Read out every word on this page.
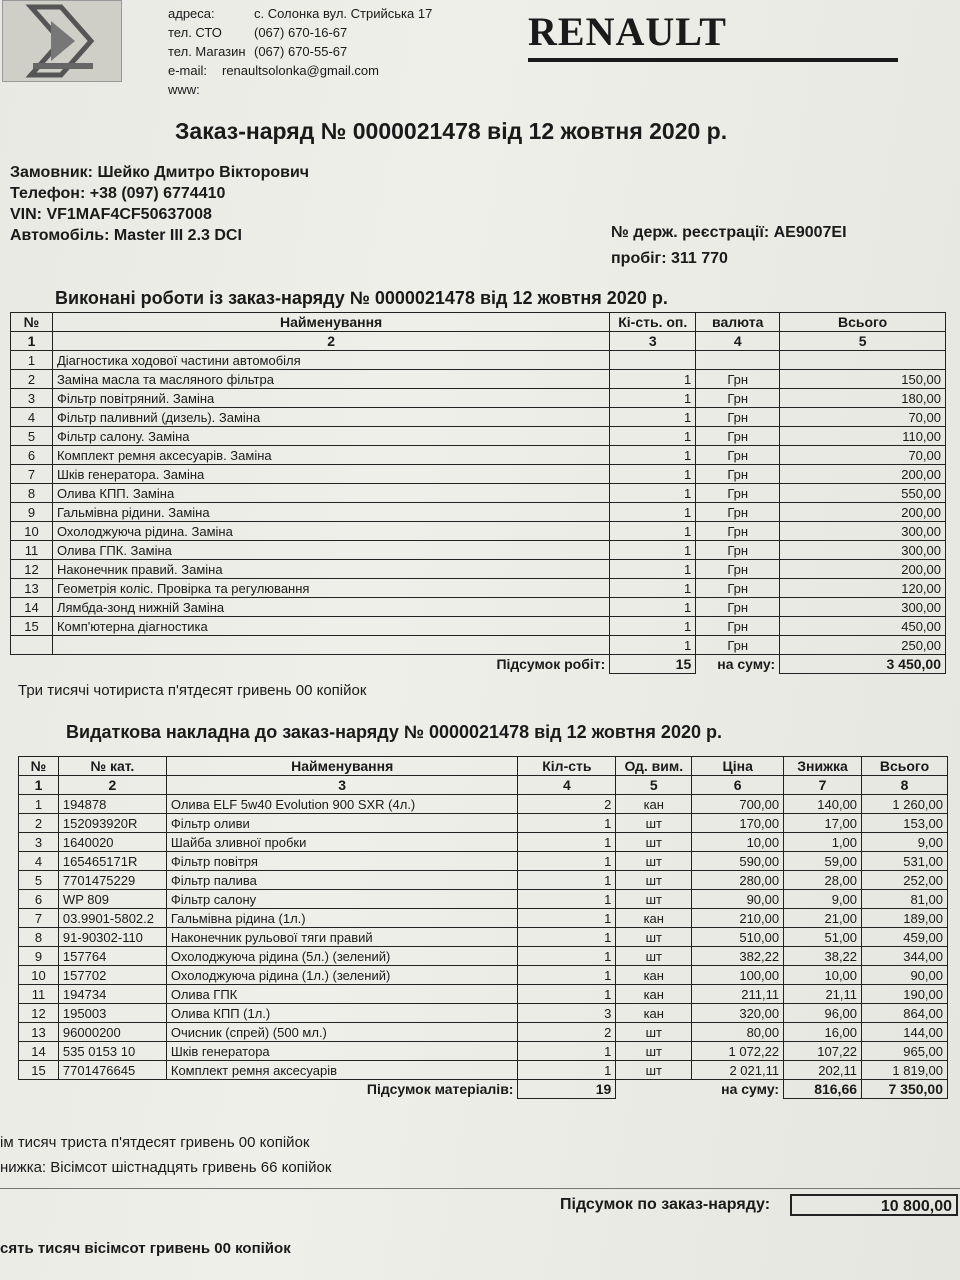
адреса:	с. Солонка вул. Стрийська 17
тел. СТО	(067) 670-16-67
тел. Магазин (067) 670-55-67
e-mail:	renaultsolonka@gmail.com
www:
RENAULT
Заказ-наряд № 0000021478 від 12 жовтня 2020 р.
Замовник: Шейко Дмитро Вікторович
Телефон: +38 (097) 6774410
VIN: VF1MAF4CF50637008
Автомобіль: Master III 2.3 DCI	№ держ. реєстрації: AE9007EI
пробіг: 311 770
Виконані роботи із заказ-наряду № 0000021478 від 12 жовтня 2020 р.
№	Найменування	Кі-сть. оп.	валюта	Всього
1	2	3	4	5
1	Діагностика ходової частини автомобіля			
2	Заміна масла та масляного фільтра	1	Грн	150,00
3	Фільтр повітряний. Заміна	1	Грн	180,00
4	Фільтр паливний (дизель). Заміна	1	Грн	70,00
5	Фільтр салону. Заміна	1	Грн	110,00
6	Комплект ремня аксесуарів. Заміна	1	Грн	70,00
7	Шків генератора. Заміна	1	Грн	200,00
8	Олива КПП. Заміна	1	Грн	550,00
9	Гальмівна рідини. Заміна	1	Грн	200,00
10	Охолоджуюча рідина. Заміна	1	Грн	300,00
11	Олива ГПК. Заміна	1	Грн	300,00
12	Наконечник правий. Заміна	1	Грн	200,00
13	Геометрія коліс. Провірка та регулювання	1	Грн	120,00
14	Лямбда-зонд нижній Заміна	1	Грн	300,00
15	Комп'ютерна діагностика	1	Грн	450,00
		1	Грн	250,00
	Підсумок робіт:	15	на суму:	3 450,00
Три тисячі чотириста п'ятдесят гривень 00 копійок
Видаткова накладна до заказ-наряду № 0000021478 від 12 жовтня 2020 р.
№	№ кат.	Найменування	Кіл-сть	Од. вим.	Ціна	Знижка	Всього
1	2	3	4	5	6	7	8
1	194878	Олива ELF 5w40 Evolution 900 SXR (4л.)	2	кан	700,00	140,00	1 260,00
2	152093920R	Фільтр оливи	1	шт	170,00	17,00	153,00
3	1640020	Шайба зливної пробки	1	шт	10,00	1,00	9,00
4	165465171R	Фільтр повітря	1	шт	590,00	59,00	531,00
5	7701475229	Фільтр палива	1	шт	280,00	28,00	252,00
6	WP 809	Фільтр салону	1	шт	90,00	9,00	81,00
7	03.9901-5802.2	Гальмівна рідина (1л.)	1	кан	210,00	21,00	189,00
8	91-90302-110	Наконечник рульової тяги правий	1	шт	510,00	51,00	459,00
9	157764	Охолоджуюча рідина (5л.) (зелений)	1	шт	382,22	38,22	344,00
10	157702	Охолоджуюча рідина (1л.) (зелений)	1	кан	100,00	10,00	90,00
11	194734	Олива ГПК	1	кан	211,11	21,11	190,00
12	195003	Олива КПП (1л.)	3	кан	320,00	96,00	864,00
13	96000200	Очисник (спрей) (500 мл.)	2	шт	80,00	16,00	144,00
14	535 0153 10	Шків генератора	1	шт	1 072,22	107,22	965,00
15	7701476645	Комплект ремня аксесуарів	1	шт	2 021,11	202,11	1 819,00
		Підсумок матеріалів:	19	на суму:		816,66	7 350,00
ім тисяч триста п'ятдесят гривень 00 копійок
нижка: Вісімсот шістнадцять гривень 66 копійок
Підсумок по заказ-наряду:	10 800,00
сять тисяч вісімсот гривень 00 копійок
